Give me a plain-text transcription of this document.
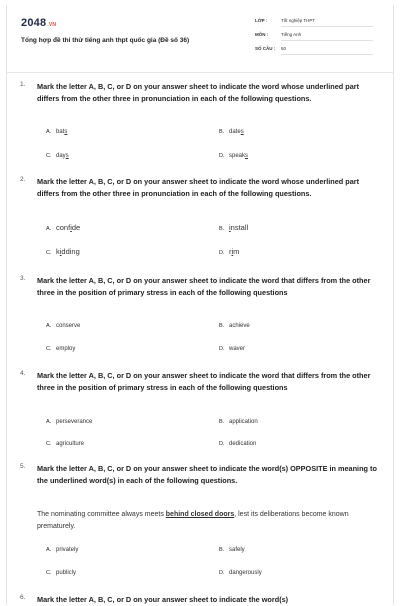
2048.VN
Tổng hợp đề thi thử tiếng anh thpt quốc gia (Đề số 36)
LỚP :	Tốt nghiệp THPT
MÔN :	Tiếng Anh
SỐ CÂU : 50
1. Mark the letter A, B, C, or D on your answer sheet to indicate the word whose underlined part differs from the other three in pronunciation in each of the following questions.
A. bats	B. dates
C. days	D. speaks
2. Mark the letter A, B, C, or D on your answer sheet to indicate the word whose underlined part differs from the other three in pronunciation in each of the following questions.
A. confide	B. install
C. kidding	D. rim
3. Mark the letter A, B, C, or D on your answer sheet to indicate the word that differs from the other three in the position of primary stress in each of the following questions
A. conserve	B. achieve
C. employ	D. waver
4. Mark the letter A, B, C, or D on your answer sheet to indicate the word that differs from the other three in the position of primary stress in each of the following questions
A. perseverance	B. application
C. agriculture	D. dedication
5. Mark the letter A, B, C, or D on your answer sheet to indicate the word(s) OPPOSITE in meaning to the underlined word(s) in each of the following questions.
The nominating committee always meets behind closed doors, lest its deliberations become known prematurely.
A. privately	B. safely
C. publicly	D. dangerously
6. Mark the letter A, B, C, or D on your answer sheet to indicate the word(s)
